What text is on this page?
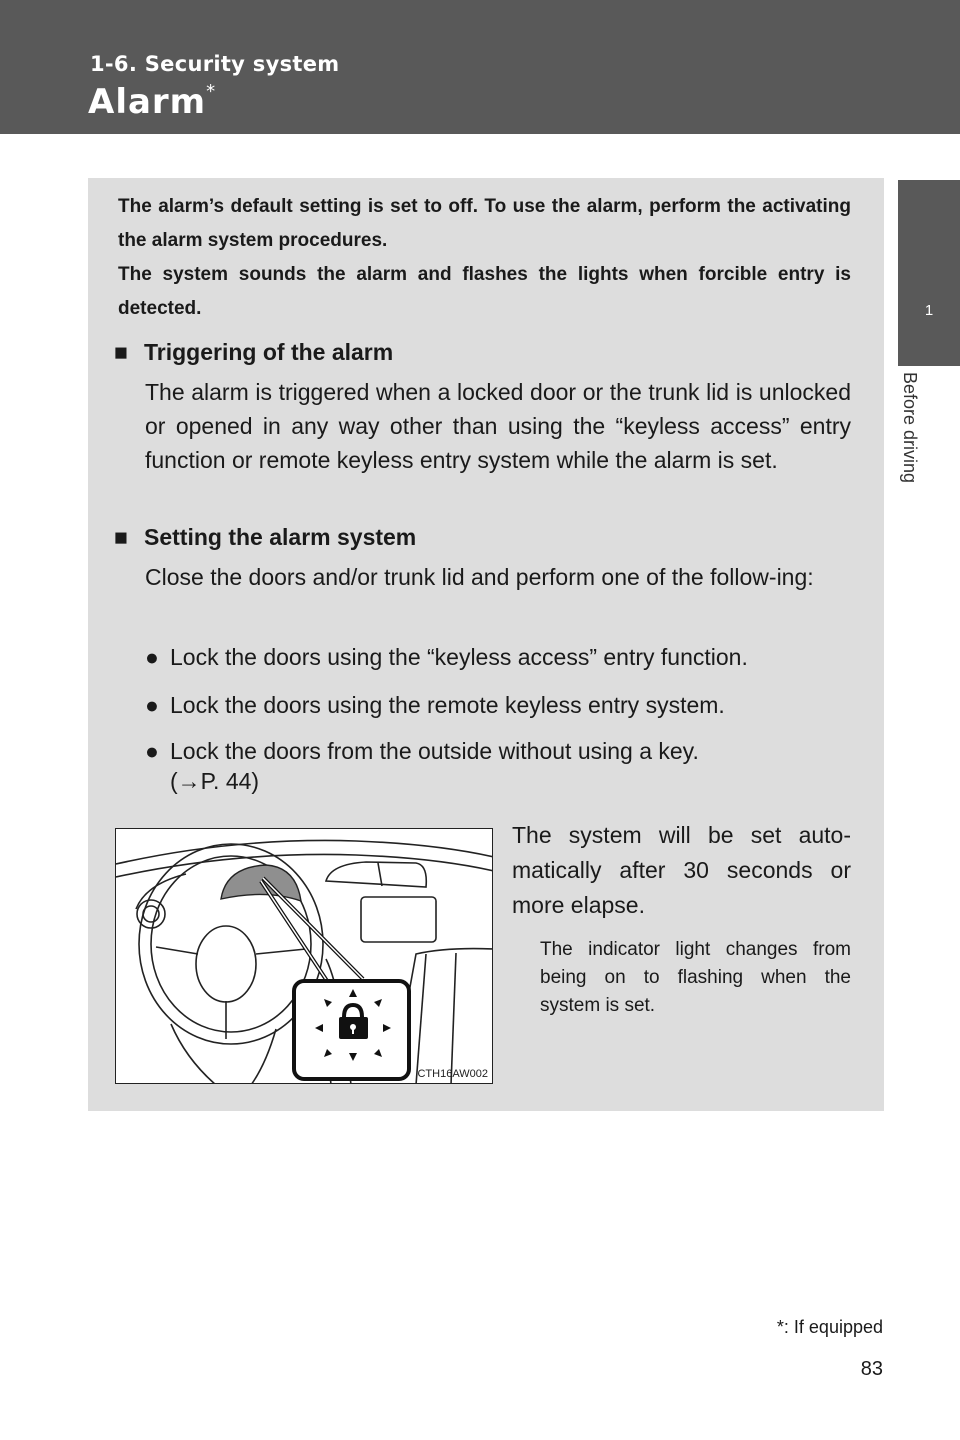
1-6. Security system
Alarm*
1
Before driving

The alarm’s default setting is set to off. To use the alarm, perform the activating the alarm system procedures.

The system sounds the alarm and flashes the lights when forcible entry is detected.

■ Triggering of the alarm
The alarm is triggered when a locked door or the trunk lid is unlocked or opened in any way other than using the “keyless access” entry function or remote keyless entry system while the alarm is set.
■ Setting the alarm system
Close the doors and/or trunk lid and perform one of the follow-ing:
● Lock the doors using the “keyless access” entry function.
● Lock the doors using the remote keyless entry system.
● Lock the doors from the outside without using a key.
(→P. 44)
CTH16AW002
The system will be set auto-matically after 30 seconds or more elapse.
The indicator light changes from being on to flashing when the system is set.
*: If equipped
83
